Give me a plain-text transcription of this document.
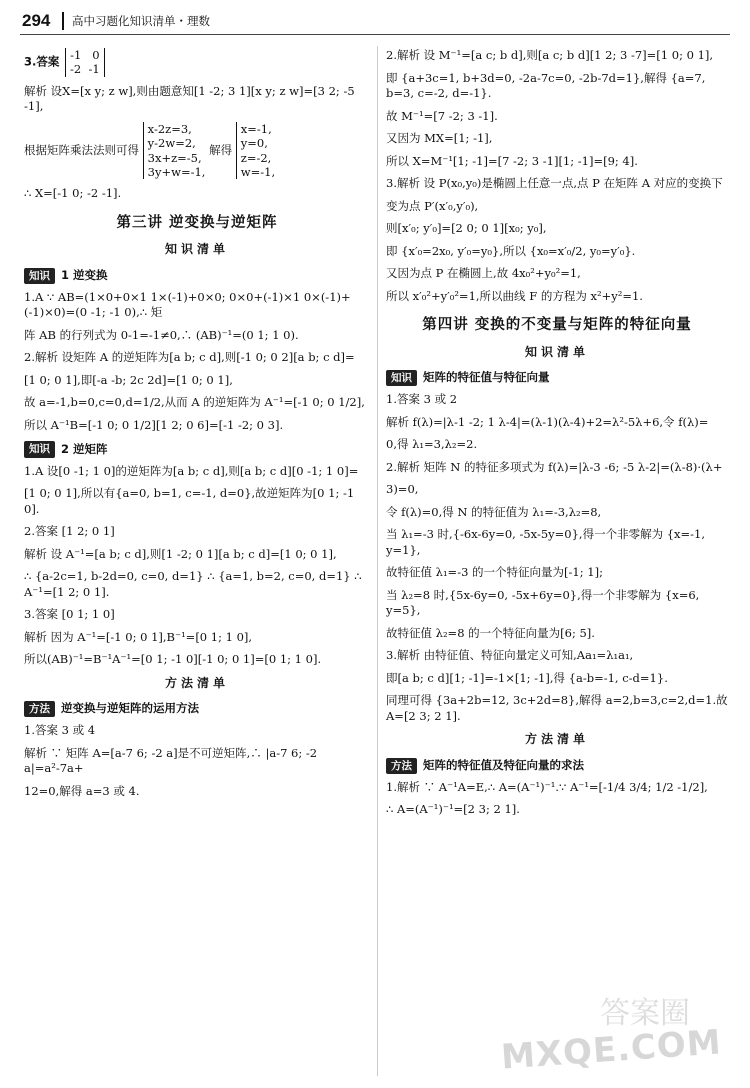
294 高中习题化知识清单・理数
3.答案 -1   0
-2  -1
解析 设X=[x y; z w],则由题意知[1 -2; 3 1][x y; z w]=[3 2; -5 -1],
根据矩阵乘法法则可得
x-2z=3,
y-2w=2,
3x+z=-5,
3y+w=-1,
解得
x=-1,
y=0,
z=-2,
w=-1,
∴ X=[-1 0; -2 -1].
第三讲 逆变换与逆矩阵
知识清单
知识 1 逆变换
1.A ∵ AB=(1×0+0×1 1×(-1)+0×0; 0×0+(-1)×1 0×(-1)+(-1)×0)=(0 -1; -1 0),∴ 矩
阵 AB 的行列式为 0-1=-1≠0,∴ (AB)⁻¹=(0 1; 1 0).
2.解析 设矩阵 A 的逆矩阵为[a b; c d],则[-1 0; 0 2][a b; c d]=
[1 0; 0 1],即[-a -b; 2c 2d]=[1 0; 0 1],
故 a=-1,b=0,c=0,d=1/2,从而 A 的逆矩阵为 A⁻¹=[-1 0; 0 1/2],
所以 A⁻¹B=[-1 0; 0 1/2][1 2; 0 6]=[-1 -2; 0 3].
知识 2 逆矩阵
1.A 设[0 -1; 1 0]的逆矩阵为[a b; c d],则[a b; c d][0 -1; 1 0]=
[1 0; 0 1],所以有{a=0, b=1, c=-1, d=0},故逆矩阵为[0 1; -1 0].
2.答案 [1 2; 0 1]
解析 设 A⁻¹=[a b; c d],则[1 -2; 0 1][a b; c d]=[1 0; 0 1],
∴ {a-2c=1, b-2d=0, c=0, d=1} ∴ {a=1, b=2, c=0, d=1} ∴ A⁻¹=[1 2; 0 1].
3.答案 [0 1; 1 0]
解析 因为 A⁻¹=[-1 0; 0 1],B⁻¹=[0 1; 1 0],
所以(AB)⁻¹=B⁻¹A⁻¹=[0 1; -1 0][-1 0; 0 1]=[0 1; 1 0].
方法清单
方法 逆变换与逆矩阵的运用方法
1.答案 3 或 4
解析 ∵ 矩阵 A=[a-7 6; -2 a]是不可逆矩阵,∴ |a-7 6; -2 a|=a²-7a+
12=0,解得 a=3 或 4.
2.解析 设 M⁻¹=[a c; b d],则[a c; b d][1 2; 3 -7]=[1 0; 0 1],
即 {a+3c=1, b+3d=0, -2a-7c=0, -2b-7d=1},解得 {a=7, b=3, c=-2, d=-1}.
故 M⁻¹=[7 -2; 3 -1].
又因为 MX=[1; -1],
所以 X=M⁻¹[1; -1]=[7 -2; 3 -1][1; -1]=[9; 4].
3.解析 设 P(x₀,y₀)是椭圆上任意一点,点 P 在矩阵 A 对应的变换下
变为点 P′(x′₀,y′₀),
则[x′₀; y′₀]=[2 0; 0 1][x₀; y₀],
即 {x′₀=2x₀, y′₀=y₀},所以 {x₀=x′₀/2, y₀=y′₀}.
又因为点 P 在椭圆上,故 4x₀²+y₀²=1,
所以 x′₀²+y′₀²=1,所以曲线 F 的方程为 x²+y²=1.
第四讲 变换的不变量与矩阵的特征向量
知识清单
知识 矩阵的特征值与特征向量
1.答案 3 或 2
解析 f(λ)=|λ-1 -2; 1 λ-4|=(λ-1)(λ-4)+2=λ²-5λ+6,令 f(λ)=
0,得 λ₁=3,λ₂=2.
2.解析 矩阵 N 的特征多项式为 f(λ)=|λ-3 -6; -5 λ-2|=(λ-8)·(λ+
3)=0,
令 f(λ)=0,得 N 的特征值为 λ₁=-3,λ₂=8,
当 λ₁=-3 时,{-6x-6y=0, -5x-5y=0},得一个非零解为 {x=-1, y=1},
故特征值 λ₁=-3 的一个特征向量为[-1; 1];
当 λ₂=8 时,{5x-6y=0, -5x+6y=0},得一个非零解为 {x=6, y=5},
故特征值 λ₂=8 的一个特征向量为[6; 5].
3.解析 由特征值、特征向量定义可知,Aa₁=λ₁a₁,
即[a b; c d][1; -1]=-1×[1; -1],得 {a-b=-1, c-d=1}.
同理可得 {3a+2b=12, 3c+2d=8},解得 a=2,b=3,c=2,d=1.故 A=[2 3; 2 1].
方法清单
方法 矩阵的特征值及特征向量的求法
1.解析 ∵ A⁻¹A=E,∴ A=(A⁻¹)⁻¹.∵ A⁻¹=[-1/4 3/4; 1/2 -1/2],
∴ A=(A⁻¹)⁻¹=[2 3; 2 1].
答案圈
MXQE.COM
